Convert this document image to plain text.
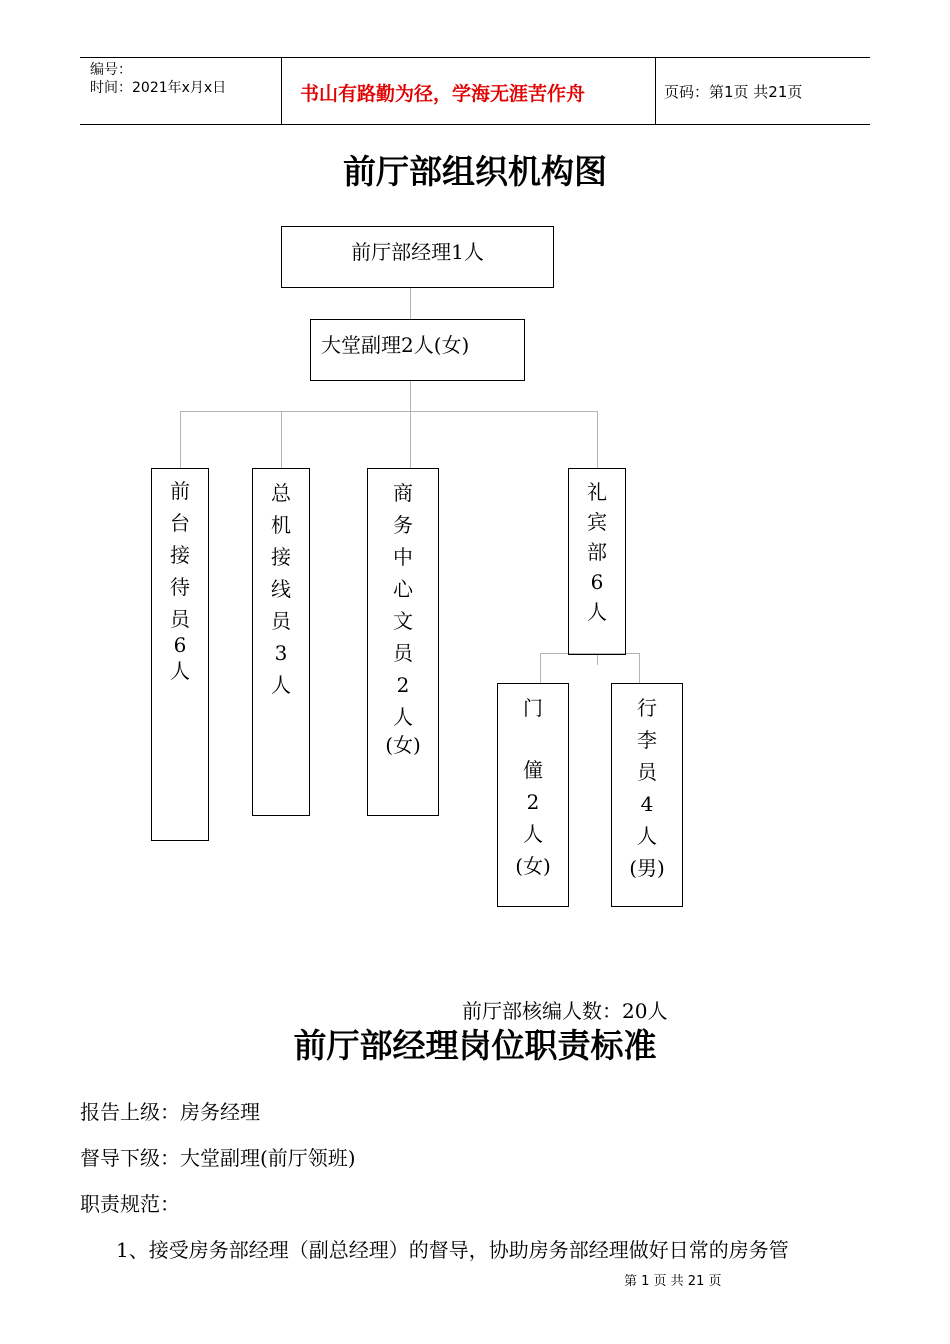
编号：
时间：2021年x月x日	书山有路勤为径，学海无涯苦作舟	页码：第1页 共21页
前厅部组织机构图
前厅部经理1人
大堂副理2人(女)
前
台
接
待
员
6
人
总
机
接
线
员
3
人
商
务
中
心
文
员
2
人
(女)
礼
宾
部
6
人
门
僮
2
人
(女)
行
李
员
4
人
(男)
前厅部核编人数：20人
前厅部经理岗位职责标准
报告上级：房务经理
督导下级：大堂副理(前厅领班)
职责规范：
1、接受房务部经理（副总经理）的督导，协助房务部经理做好日常的房务管
第 1 页 共 21 页
